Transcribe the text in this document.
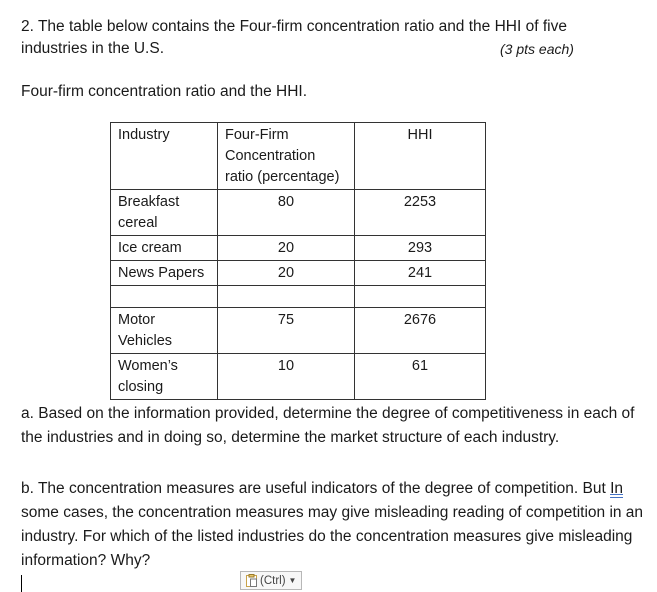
2. The table below contains the Four-firm concentration ratio and the HHI of five industries in the U.S.	(3 pts each)
Four-firm concentration ratio and the HHI.
Industry	Four-Firm Concentration ratio (percentage)	HHI
Breakfast cereal	80	2253
Ice cream	20	293
News Papers	20	241

Motor Vehicles	75	2676
Women’s closing	10	61
a. Based on the information provided, determine the degree of competitiveness in each of the industries and in doing so, determine the market structure of each industry.
b. The concentration measures are useful indicators of the degree of competition. But In some cases, the concentration measures may give misleading reading of competition in an industry. For which of the listed industries do the concentration measures give misleading information? Why?
(Ctrl) ▼
